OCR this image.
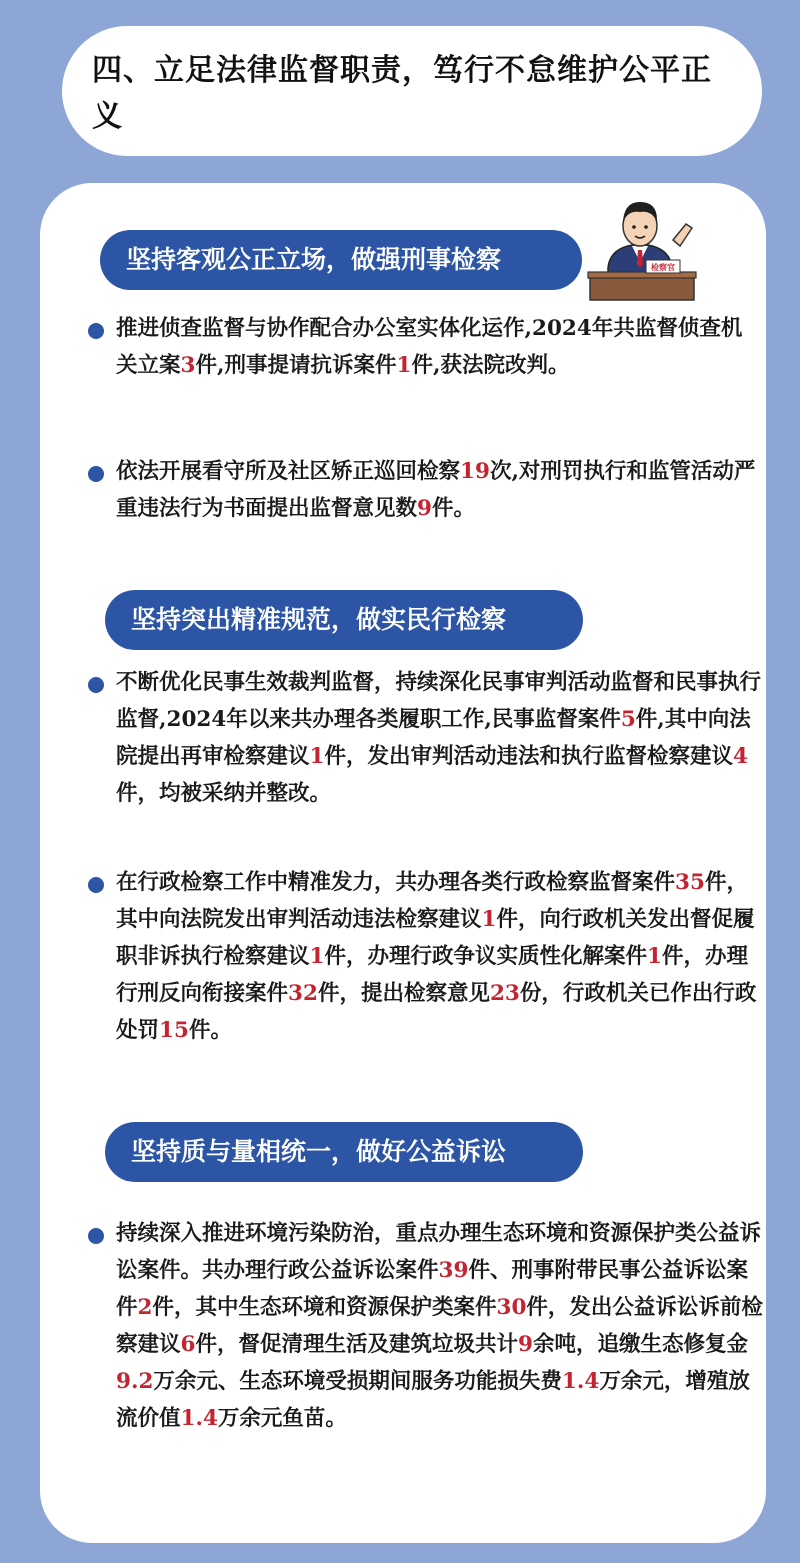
四、立足法律监督职责，笃行不怠维护公平正义
检察官
坚持客观公正立场，做强刑事检察

推进侦查监督与协作配合办公室实体化运作,2024年共监督侦查机关立案3件,刑事提请抗诉案件1件,获法院改判。

依法开展看守所及社区矫正巡回检察19次,对刑罚执行和监管活动严重违法行为书面提出监督意见数9件。

坚持突出精准规范，做实民行检察

不断优化民事生效裁判监督，持续深化民事审判活动监督和民事执行监督,2024年以来共办理各类履职工作,民事监督案件5件,其中向法院提出再审检察建议1件，发出审判活动违法和执行监督检察建议4件，均被采纳并整改。

在行政检察工作中精准发力，共办理各类行政检察监督案件35件，其中向法院发出审判活动违法检察建议1件，向行政机关发出督促履职非诉执行检察建议1件，办理行政争议实质性化解案件1件，办理行刑反向衔接案件32件，提出检察意见23份，行政机关已作出行政处罚15件。

坚持质与量相统一，做好公益诉讼

持续深入推进环境污染防治，重点办理生态环境和资源保护类公益诉讼案件。共办理行政公益诉讼案件39件、刑事附带民事公益诉讼案件2件，其中生态环境和资源保护类案件30件，发出公益诉讼诉前检察建议6件，督促清理生活及建筑垃圾共计9余吨，追缴生态修复金9.2万余元、生态环境受损期间服务功能损失费1.4万余元，增殖放流价值1.4万余元鱼苗。
